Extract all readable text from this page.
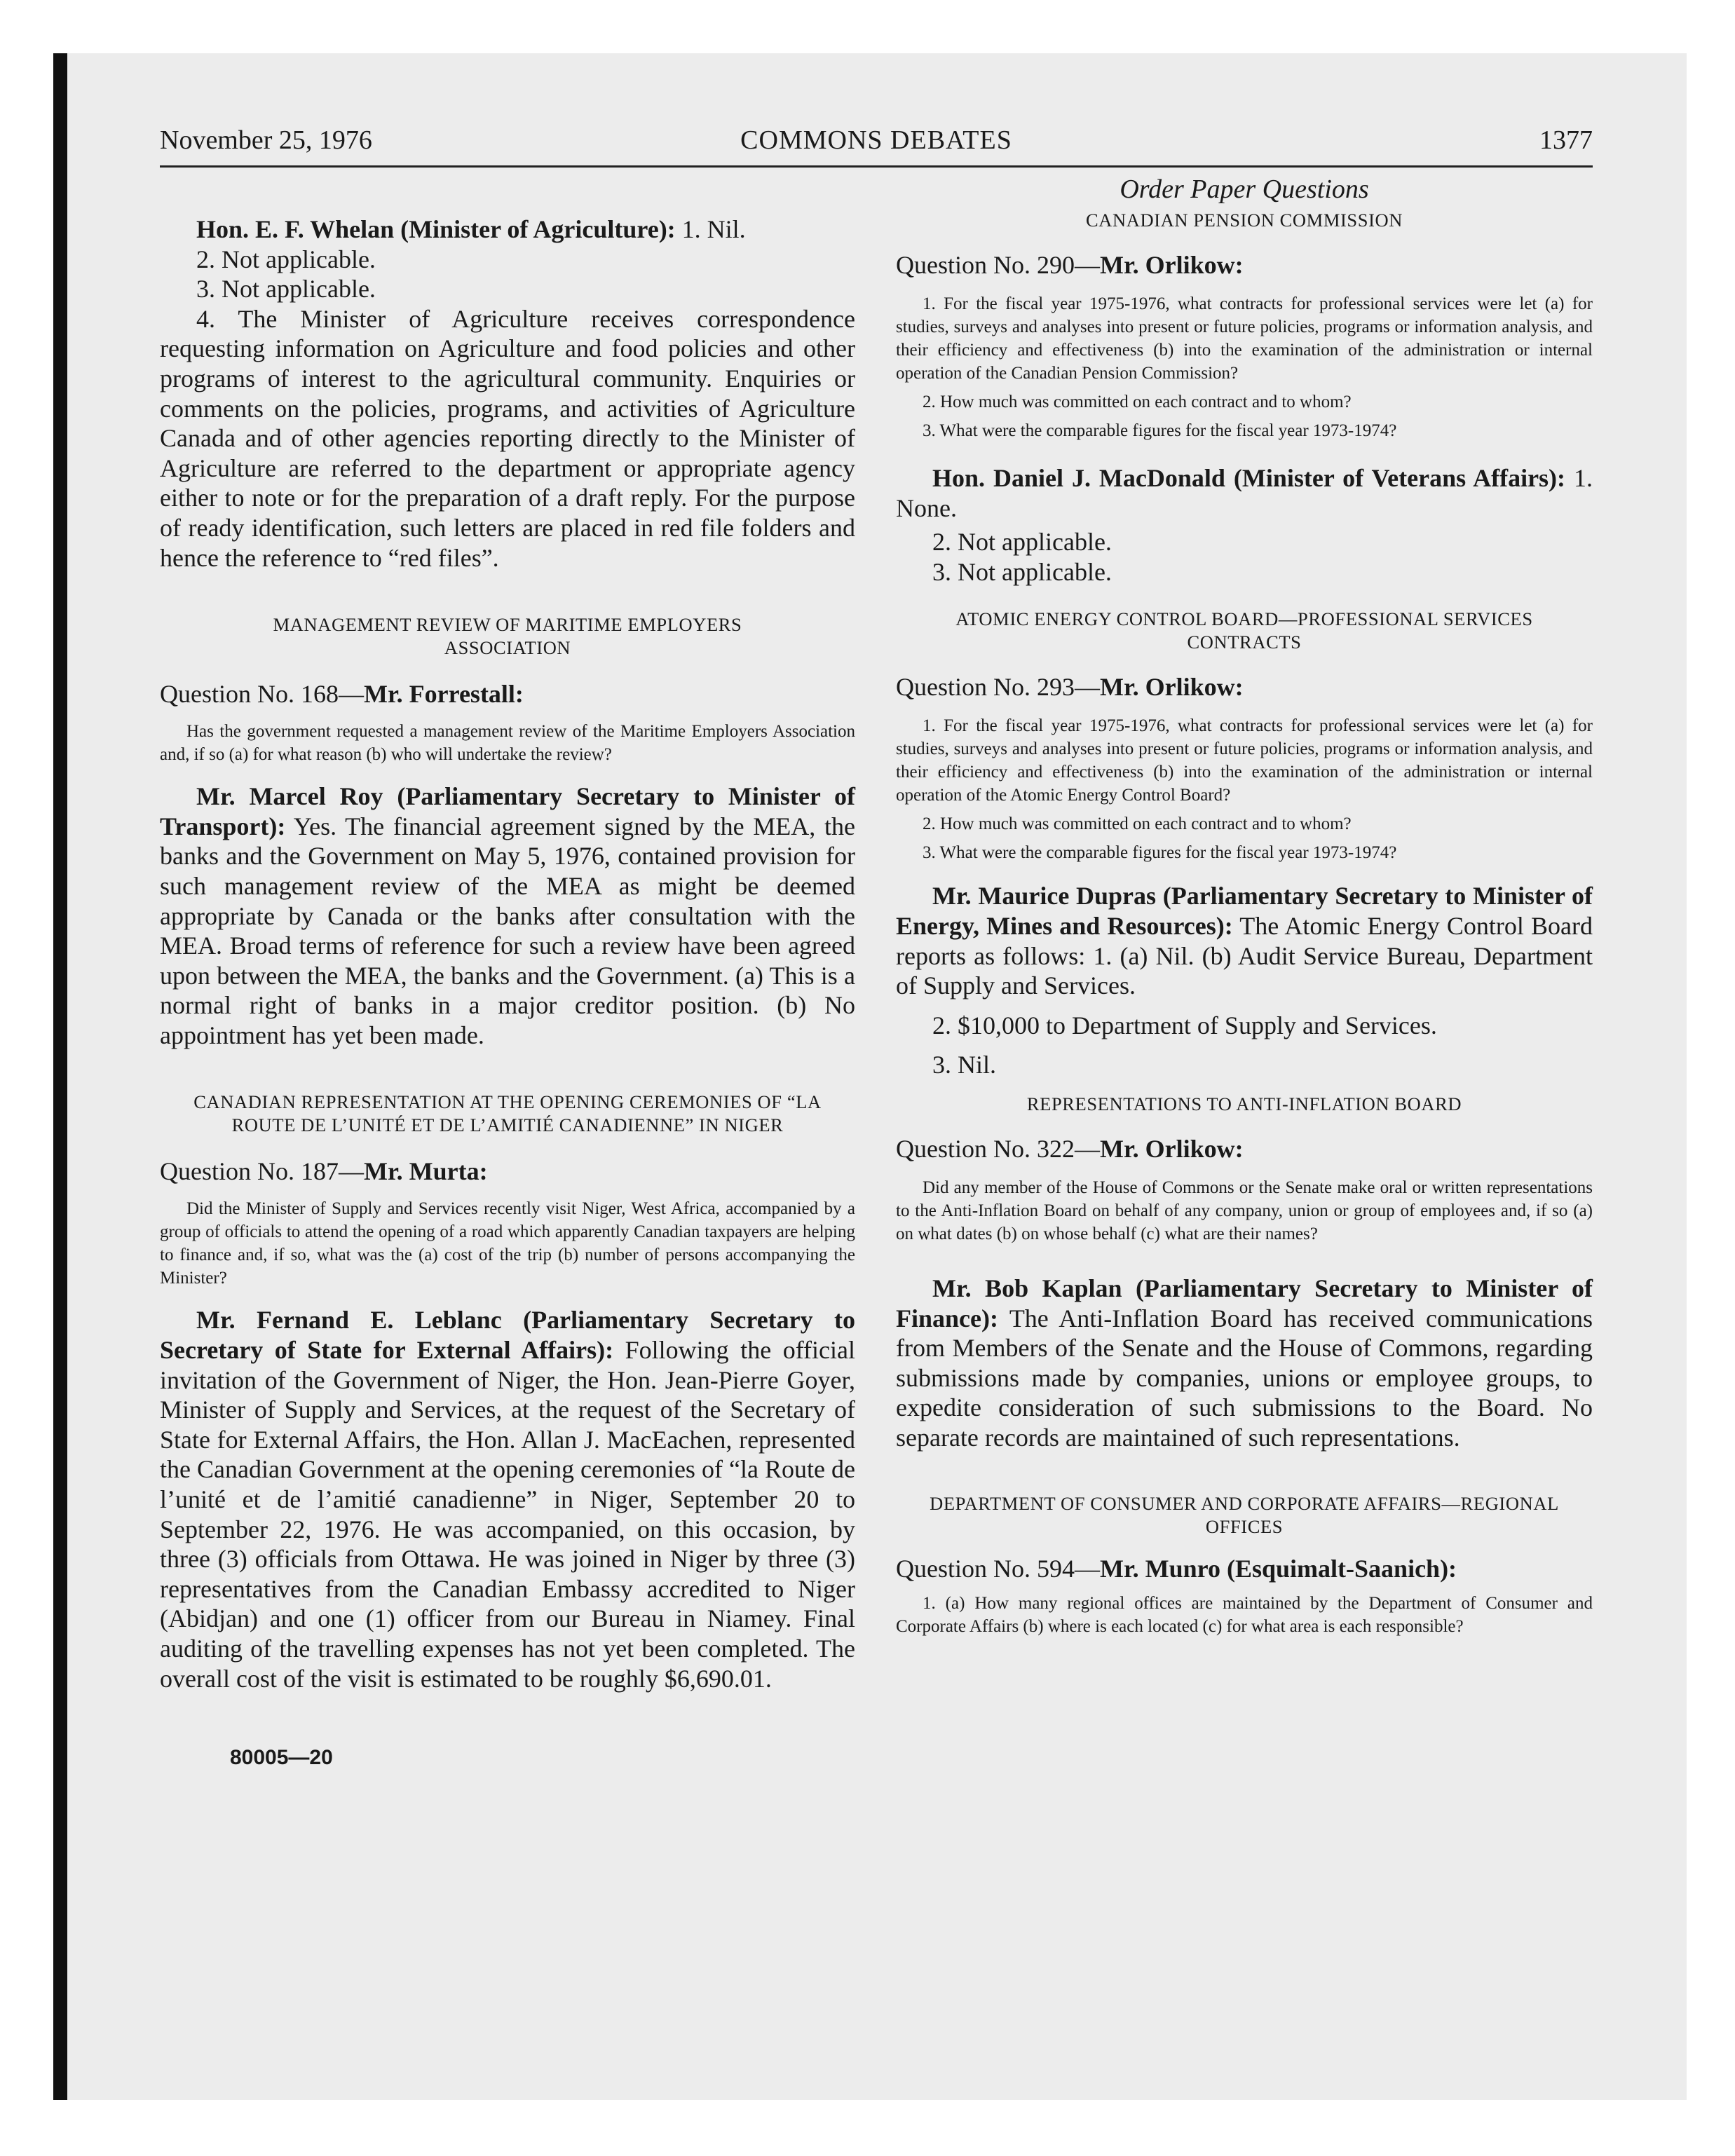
November 25, 1976	COMMONS DEBATES	1377

Hon. E. F. Whelan (Minister of Agriculture): 1. Nil.

2. Not applicable.

3. Not applicable.

4. The Minister of Agriculture receives correspondence requesting information on Agriculture and food policies and other programs of interest to the agricultural community. Enquiries or comments on the policies, programs, and activities of Agriculture Canada and of other agencies reporting directly to the Minister of Agriculture are referred to the department or appropriate agency either to note or for the preparation of a draft reply. For the purpose of ready identification, such letters are placed in red file folders and hence the reference to “red files”.

MANAGEMENT REVIEW OF MARITIME EMPLOYERS ASSOCIATION

Question No. 168—Mr. Forrestall:

Has the government requested a management review of the Maritime Employers Association and, if so (a) for what reason (b) who will undertake the review?

Mr. Marcel Roy (Parliamentary Secretary to Minister of Transport): Yes. The financial agreement signed by the MEA, the banks and the Government on May 5, 1976, contained provision for such management review of the MEA as might be deemed appropriate by Canada or the banks after consultation with the MEA. Broad terms of reference for such a review have been agreed upon between the MEA, the banks and the Government. (a) This is a normal right of banks in a major creditor position. (b) No appointment has yet been made.

CANADIAN REPRESENTATION AT THE OPENING CEREMONIES OF “LA ROUTE DE L’UNITÉ ET DE L’AMITIÉ CANADIENNE” IN NIGER

Question No. 187—Mr. Murta:

Did the Minister of Supply and Services recently visit Niger, West Africa, accompanied by a group of officials to attend the opening of a road which apparently Canadian taxpayers are helping to finance and, if so, what was the (a) cost of the trip (b) number of persons accompanying the Minister?

Mr. Fernand E. Leblanc (Parliamentary Secretary to Secretary of State for External Affairs): Following the official invitation of the Government of Niger, the Hon. Jean-Pierre Goyer, Minister of Supply and Services, at the request of the Secretary of State for External Affairs, the Hon. Allan J. MacEachen, represented the Canadian Government at the opening ceremonies of “la Route de l’unité et de l’amitié canadienne” in Niger, September 20 to September 22, 1976. He was accompanied, on this occasion, by three (3) officials from Ottawa. He was joined in Niger by three (3) representatives from the Canadian Embassy accredited to Niger (Abidjan) and one (1) officer from our Bureau in Niamey. Final auditing of the travelling expenses has not yet been completed. The overall cost of the visit is estimated to be roughly $6,690.01.

80005—20

Order Paper Questions

CANADIAN PENSION COMMISSION

Question No. 290—Mr. Orlikow:

1. For the fiscal year 1975-1976, what contracts for professional services were let (a) for studies, surveys and analyses into present or future policies, programs or information analysis, and their efficiency and effectiveness (b) into the examination of the administration or internal operation of the Canadian Pension Commission?

2. How much was committed on each contract and to whom?

3. What were the comparable figures for the fiscal year 1973-1974?

Hon. Daniel J. MacDonald (Minister of Veterans Affairs): 1. None.

2. Not applicable.

3. Not applicable.

ATOMIC ENERGY CONTROL BOARD—PROFESSIONAL SERVICES CONTRACTS

Question No. 293—Mr. Orlikow:

1. For the fiscal year 1975-1976, what contracts for professional services were let (a) for studies, surveys and analyses into present or future policies, programs or information analysis, and their efficiency and effectiveness (b) into the examination of the administration or internal operation of the Atomic Energy Control Board?

2. How much was committed on each contract and to whom?

3. What were the comparable figures for the fiscal year 1973-1974?

Mr. Maurice Dupras (Parliamentary Secretary to Minister of Energy, Mines and Resources): The Atomic Energy Control Board reports as follows: 1. (a) Nil. (b) Audit Service Bureau, Department of Supply and Services.

2. $10,000 to Department of Supply and Services.

3. Nil.

REPRESENTATIONS TO ANTI-INFLATION BOARD

Question No. 322—Mr. Orlikow:

Did any member of the House of Commons or the Senate make oral or written representations to the Anti-Inflation Board on behalf of any company, union or group of employees and, if so (a) on what dates (b) on whose behalf (c) what are their names?

Mr. Bob Kaplan (Parliamentary Secretary to Minister of Finance): The Anti-Inflation Board has received communications from Members of the Senate and the House of Commons, regarding submissions made by companies, unions or employee groups, to expedite consideration of such submissions to the Board. No separate records are maintained of such representations.

DEPARTMENT OF CONSUMER AND CORPORATE AFFAIRS—REGIONAL OFFICES

Question No. 594—Mr. Munro (Esquimalt-Saanich):

1. (a) How many regional offices are maintained by the Department of Consumer and Corporate Affairs (b) where is each located (c) for what area is each responsible?
